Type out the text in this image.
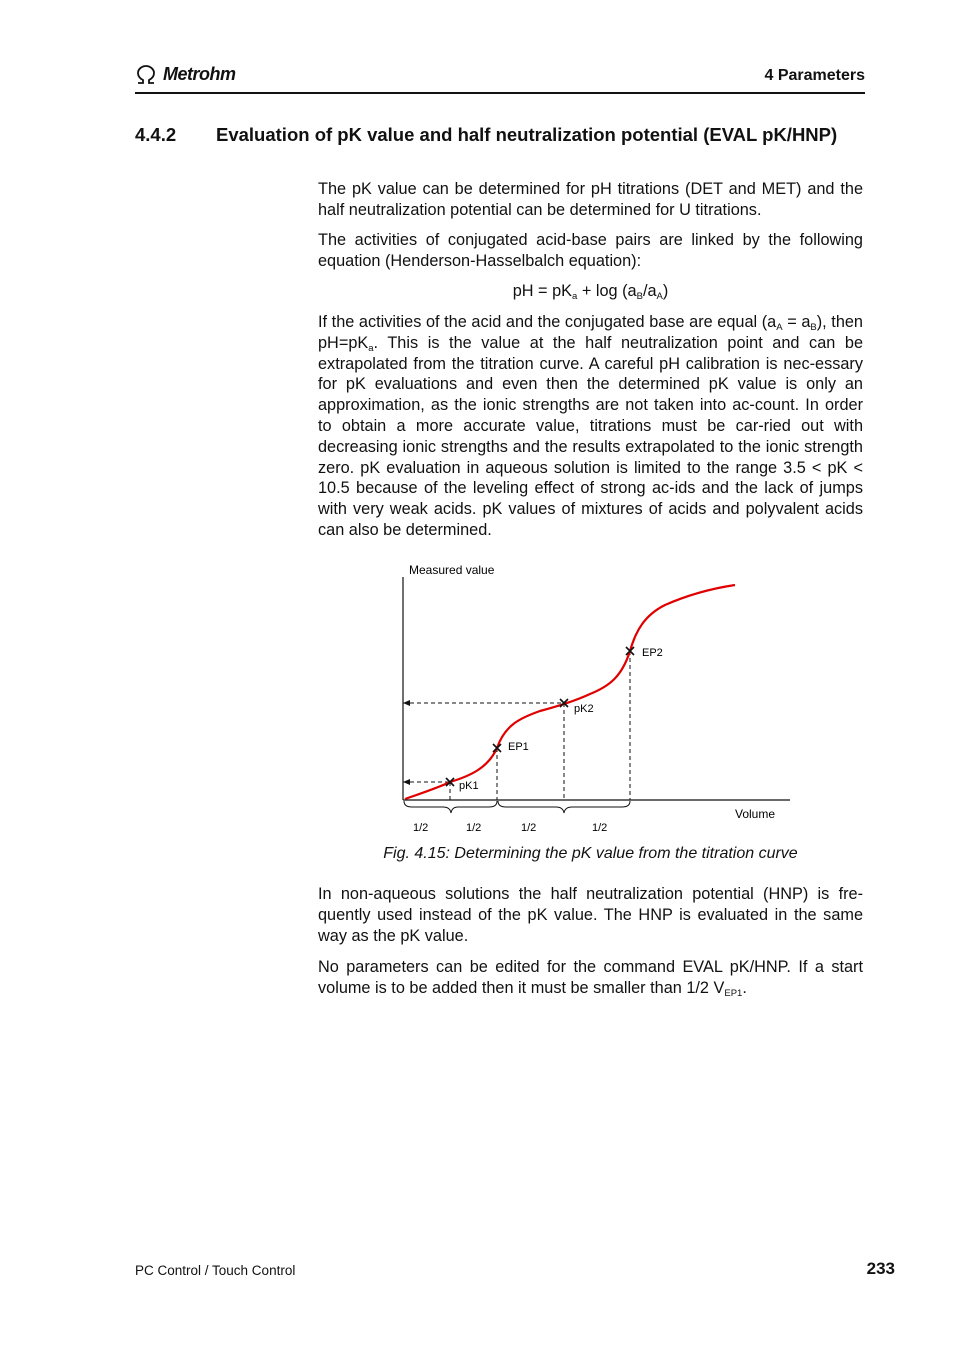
Metrohm	4 Parameters
4.4.2 Evaluation of pK value and half neutralization potential (EVAL pK/HNP)

The pK value can be determined for pH titrations (DET and MET) and the half neutralization potential can be determined for U titrations.

The activities of conjugated acid-base pairs are linked by the following equation (Henderson-Hasselbalch equation):

pH = $pK_a + \log (a_B/a_A)$

If the activities of the acid and the conjugated base are equal $(a_A = a_B)$, then $pH=pK_a$. This is the value at the half neutralization point and can be extrapolated from the titration curve. A careful pH calibration is nec-essary for pK evaluations and even then the determined pK value is only an approximation, as the ionic strengths are not taken into ac-count. In order to obtain a more accurate value, titrations must be car-ried out with decreasing ionic strengths and the results extrapolated to the ionic strength zero. pK evaluation in aqueous solution is limited to the range 3.5 < pK < 10.5 because of the leveling effect of strong ac-ids and the lack of jumps with very weak acids. pK values of mixtures of acids and polyvalent acids can also be determined.

Measured value
Volume
pK1
EP1
pK2
EP2
1/2	1/2	1/2	1/2
Fig. 4.15: Determining the pK value from the titration curve

In non-aqueous solutions the half neutralization potential (HNP) is fre-quently used instead of the pK value. The HNP is evaluated in the same way as the pK value.

No parameters can be edited for the command EVAL pK/HNP. If a start volume is to be added then it must be smaller than 1/2 $V_{EP1}$.

PC Control / Touch Control	233
